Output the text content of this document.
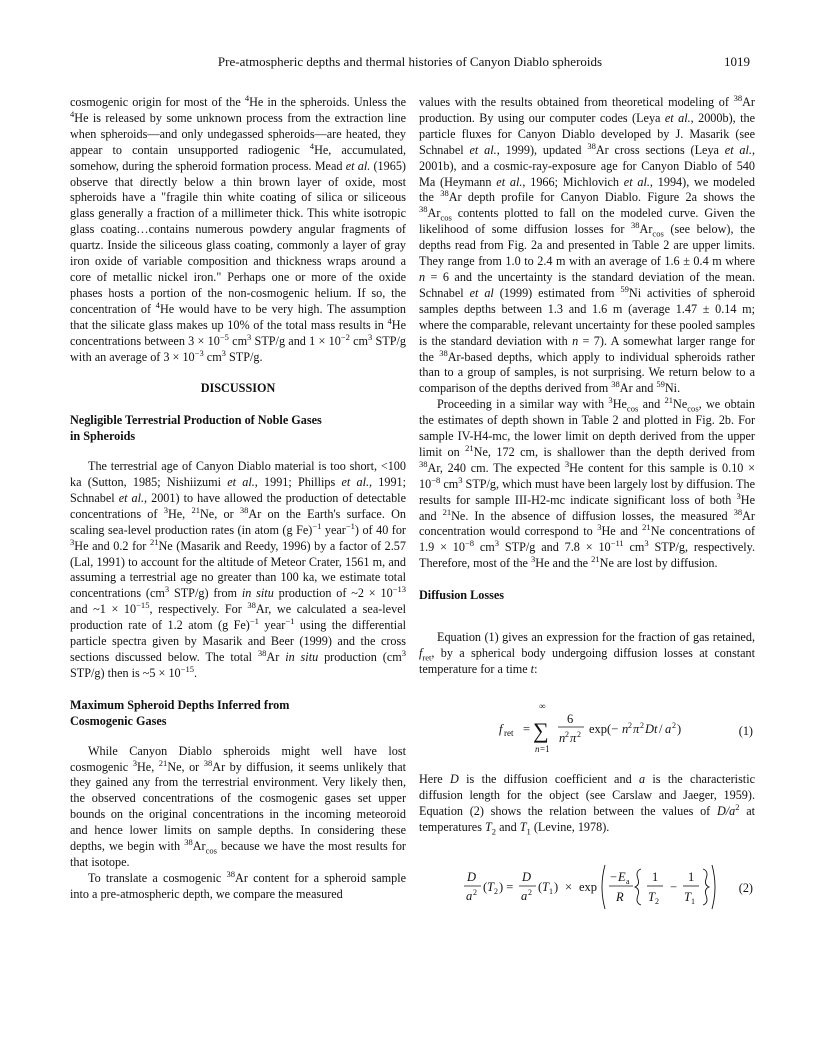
Pre-atmospheric depths and thermal histories of Canyon Diablo spheroids	1019

cosmogenic origin for most of the $^4$He in the spheroids. Unless the $^4$He is released by some unknown process from the extraction line when spheroids—and only undegassed spheroids—are heated, they appear to contain unsupported radiogenic $^4$He, accumulated, somehow, during the spheroid formation process. Mead et al. (1965) observe that directly below a thin brown layer of oxide, most spheroids have a "fragile thin white coating of silica or siliceous glass generally a fraction of a millimeter thick. This white isotropic glass coating…contains numerous powdery angular fragments of quartz. Inside the siliceous glass coating, commonly a layer of gray iron oxide of variable composition and thickness wraps around a core of metallic nickel iron." Perhaps one or more of the oxide phases hosts a portion of the non-cosmogenic helium. If so, the concentration of $^4$He would have to be very high. The assumption that the silicate glass makes up 10% of the total mass results in $^4$He concentrations between $3 \times 10^{-5}$ $cm^3$ STP/g and $1 \times 10^{-2}$ $cm^3$ STP/g with an average of $3 \times 10^{-3}$ $cm^3$ STP/g.

DISCUSSION
Negligible Terrestrial Production of Noble Gases
in Spheroids

The terrestrial age of Canyon Diablo material is too short, <100 ka (Sutton, 1985; Nishiizumi et al., 1991; Phillips et al., 1991; Schnabel et al., 2001) to have allowed the production of detectable concentrations of $^3$He, $^{21}$Ne, or $^{38}$Ar on the Earth's surface. On scaling sea-level production rates (in atom (g Fe)$^{-1}$ year$^{-1}$) of 40 for $^3$He and 0.2 for $^{21}$Ne (Masarik and Reedy, 1996) by a factor of 2.57 (Lal, 1991) to account for the altitude of Meteor Crater, 1561 m, and assuming a terrestrial age no greater than 100 ka, we estimate total concentrations ($cm^3$ STP/g) from in situ production of ~2 × $10^{-13}$ and ~1 × $10^{-15}$, respectively. For $^{38}$Ar, we calculated a sea-level production rate of 1.2 atom (g Fe)$^{-1}$ year$^{-1}$ using the differential particle spectra given by Masarik and Beer (1999) and the cross sections discussed below. The total $^{38}$Ar in situ production ($cm^3$ STP/g) then is ~5 × $10^{-15}$.

Maximum Spheroid Depths Inferred from
Cosmogenic Gases

While Canyon Diablo spheroids might well have lost cosmogenic $^3$He, $^{21}$Ne, or $^{38}$Ar by diffusion, it seems unlikely that they gained any from the terrestrial environment. Very likely then, the observed concentrations of the cosmogenic gases set upper bounds on the original concentrations in the incoming meteoroid and hence lower limits on sample depths. In considering these depths, we begin with $^{38}Ar_{cos}$ because we have the most results for that isotope.

To translate a cosmogenic $^{38}$Ar content for a spheroid sample into a pre-atmospheric depth, we compare the measured

values with the results obtained from theoretical modeling of $^{38}$Ar production. By using our computer codes (Leya et al., 2000b), the particle fluxes for Canyon Diablo developed by J. Masarik (see Schnabel et al., 1999), updated $^{38}$Ar cross sections (Leya et al., 2001b), and a cosmic-ray-exposure age for Canyon Diablo of 540 Ma (Heymann et al., 1966; Michlovich et al., 1994), we modeled the $^{38}$Ar depth profile for Canyon Diablo. Figure 2a shows the $^{38}Ar_{cos}$ contents plotted to fall on the modeled curve. Given the likelihood of some diffusion losses for $^{38}Ar_{cos}$ (see below), the depths read from Fig. 2a and presented in Table 2 are upper limits. They range from 1.0 to 2.4 m with an average of 1.6 ± 0.4 m where n = 6 and the uncertainty is the standard deviation of the mean. Schnabel et al (1999) estimated from $^{59}$Ni activities of spheroid samples depths between 1.3 and 1.6 m (average 1.47 ± 0.14 m; where the comparable, relevant uncertainty for these pooled samples is the standard deviation with n = 7). A somewhat larger range for the $^{38}$Ar-based depths, which apply to individual spheroids rather than to a group of samples, is not surprising. We return below to a comparison of the depths derived from $^{38}$Ar and $^{59}$Ni.

Proceeding in a similar way with $^3He_{cos}$ and $^{21}Ne_{cos}$, we obtain the estimates of depth shown in Table 2 and plotted in Fig. 2b. For sample IV-H4-mc, the lower limit on depth derived from the upper limit on $^{21}$Ne, 172 cm, is shallower than the depth derived from $^{38}$Ar, 240 cm. The expected $^3$He content for this sample is $0.10 \times 10^{-8}$ $cm^3$ STP/g, which must have been largely lost by diffusion. The results for sample III-H2-mc indicate significant loss of both $^3$He and $^{21}$Ne. In the absence of diffusion losses, the measured $^{38}$Ar concentration would correspond to $^3$He and $^{21}$Ne concentrations of $1.9 \times 10^{-8}$ $cm^3$ STP/g and $7.8 \times 10^{-11}$ $cm^3$ STP/g, respectively. Therefore, most of the $^3$He and the $^{21}$Ne are lost by diffusion.

Diffusion Losses

Equation (1) gives an expression for the fraction of gas retained, $f_{ret}$, by a spherical body undergoing diffusion losses at constant temperature for a time t:

f ret =
∞
∑
n =1
6
n 2 π 2 exp(− n 2 π 2 Dt / a 2 )	(1)

Here D is the diffusion coefficient and a is the characteristic diffusion length for the object (see Carslaw and Jaeger, 1959). Equation (2) shows the relation between the values of $D/a^2$ at temperatures $T_2$ and $T_1$ (Levine, 1978).

D
a 2 ( T 2 ) =
D
a 2 ( T 1 ) × exp
− E a
R
1
T 2
−
1
T 1
(2)
